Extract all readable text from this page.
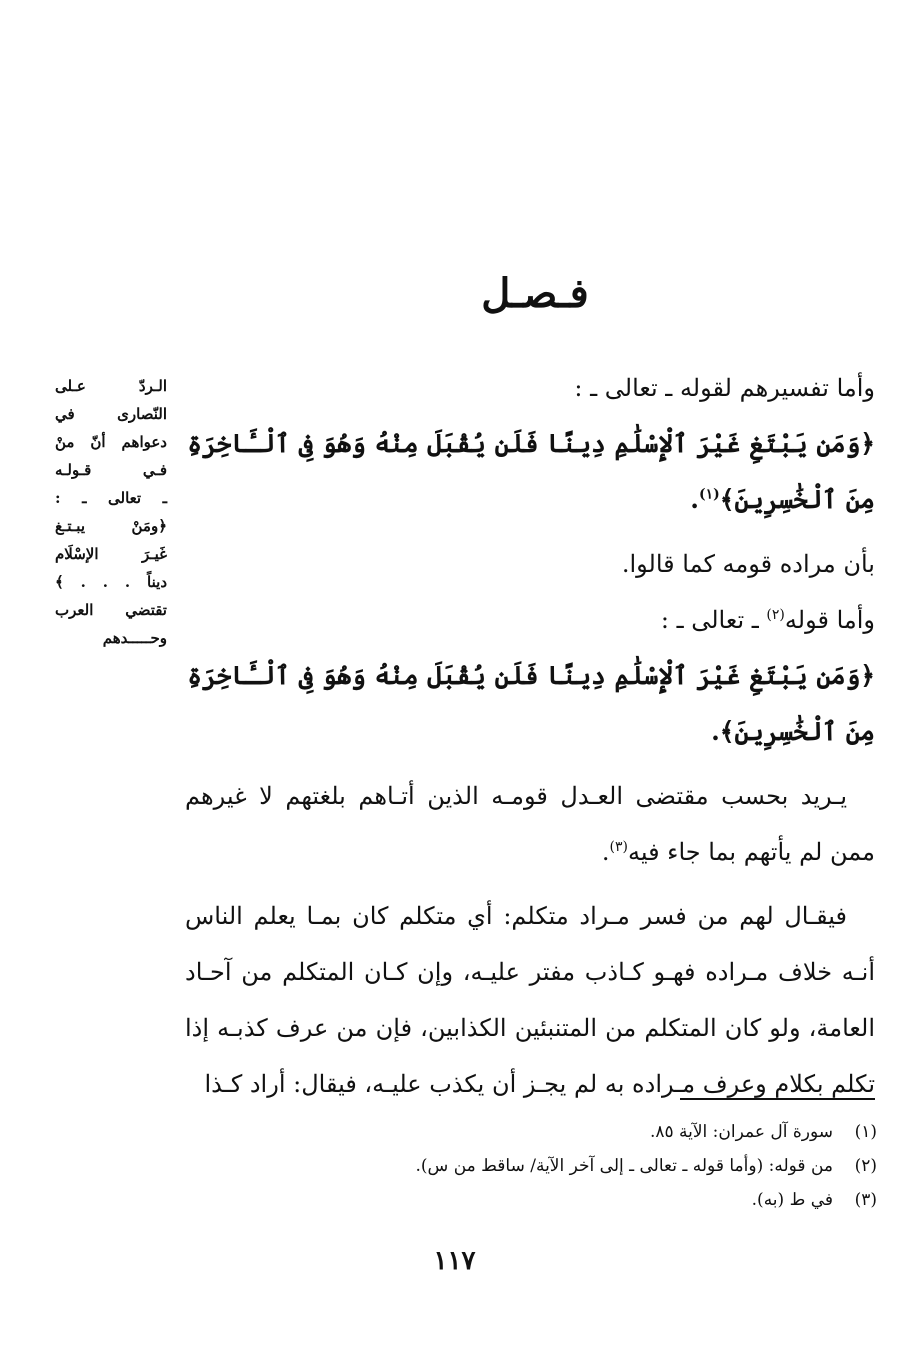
فـصـل
الـردّ عـلى
النّصارى في
دعواهم أنّ منْ
فـي قـولـه
ـ تعالى ـ :
﴿ومَنْ يبـتـغ
غَيـرَ الإسْلَام
ديناً . . . ﴾
تقتضي العرب
وحـــــدهم

وأما تفسيرهم لقوله ـ تعالى ـ :

﴿وَمَن يَبْتَغِ غَيْرَ ٱلْإِسْلَٰمِ دِينًا فَلَن يُقْبَلَ مِنْهُ وَهُوَ فِى ٱلْـَٔاخِرَةِ مِنَ ٱلْخَٰسِرِينَ﴾$^{(١)}$.

بأن مراده قومه كما قالوا.

وأما قوله$^{(٢)}$ ـ تعالى ـ :

﴿وَمَن يَبْتَغِ غَيْرَ ٱلْإِسْلَٰمِ دِينًا فَلَن يُقْبَلَ مِنْهُ وَهُوَ فِى ٱلْـَٔاخِرَةِ مِنَ ٱلْخَٰسِرِينَ﴾.

يـريد بحسب مقتضى العـدل قومـه الذين أتـاهم بلغتهم لا غيرهم ممن لم يأتهم بما جاء فيه$^{(٣)}$.

فيقـال لهم من فسر مـراد متكلم: أي متكلم كان بمـا يعلم الناس أنـه خلاف مـراده فهـو كـاذب مفتر عليـه، وإن كـان المتكلم من آحـاد العامة، ولو كان المتكلم من المتنبئين الكذابين، فإن من عرف كذبـه إذا تكلم بكلام وعرف مـراده به لم يجـز أن يكذب عليـه، فيقال: أراد كـذا

(١)سورة آل عمران: الآية ٨٥.
(٢)من قوله: (وأما قوله ـ تعالى ـ إلى آخر الآية/ ساقط من س).
(٣)في ط (به).
١١٧
